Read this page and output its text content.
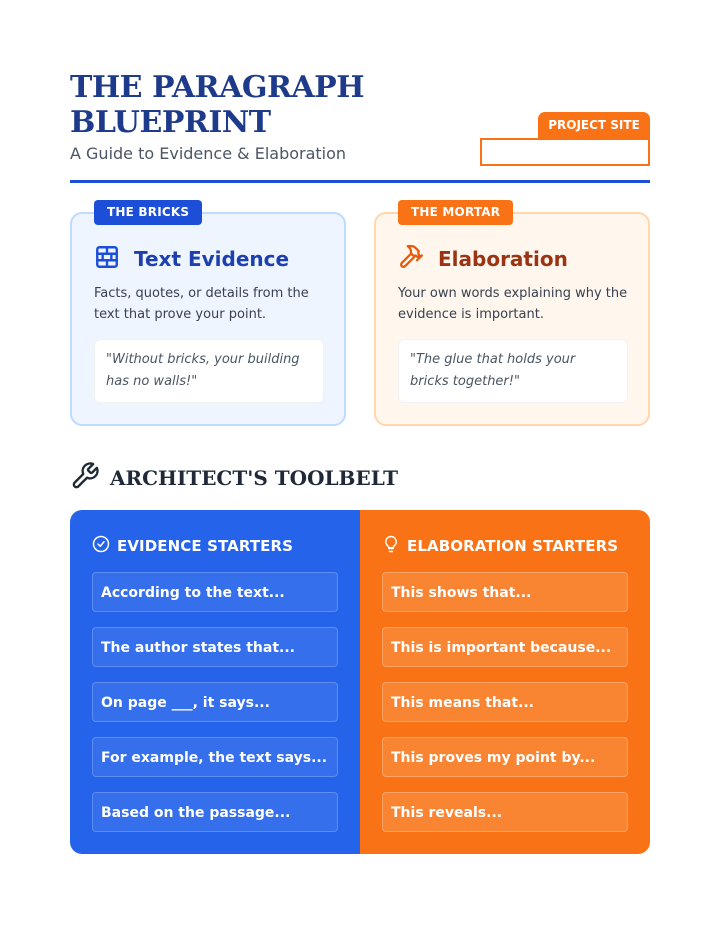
THE PARAGRAPH BLUEPRINT

A Guide to Evidence & Elaboration

PROJECT SITE
THE BRICKS
Text Evidence

Facts, quotes, or details from the text that prove your point.

"Without bricks, your building has no walls!"
THE MORTAR
Elaboration

Your own words explaining why the evidence is important.

"The glue that holds your bricks together!"
ARCHITECT'S TOOLBELT
EVIDENCE STARTERS
According to the text...
The author states that...
On page ___, it says...
For example, the text says...
Based on the passage...
ELABORATION STARTERS
This shows that...
This is important because...
This means that...
This proves my point by...
This reveals...
